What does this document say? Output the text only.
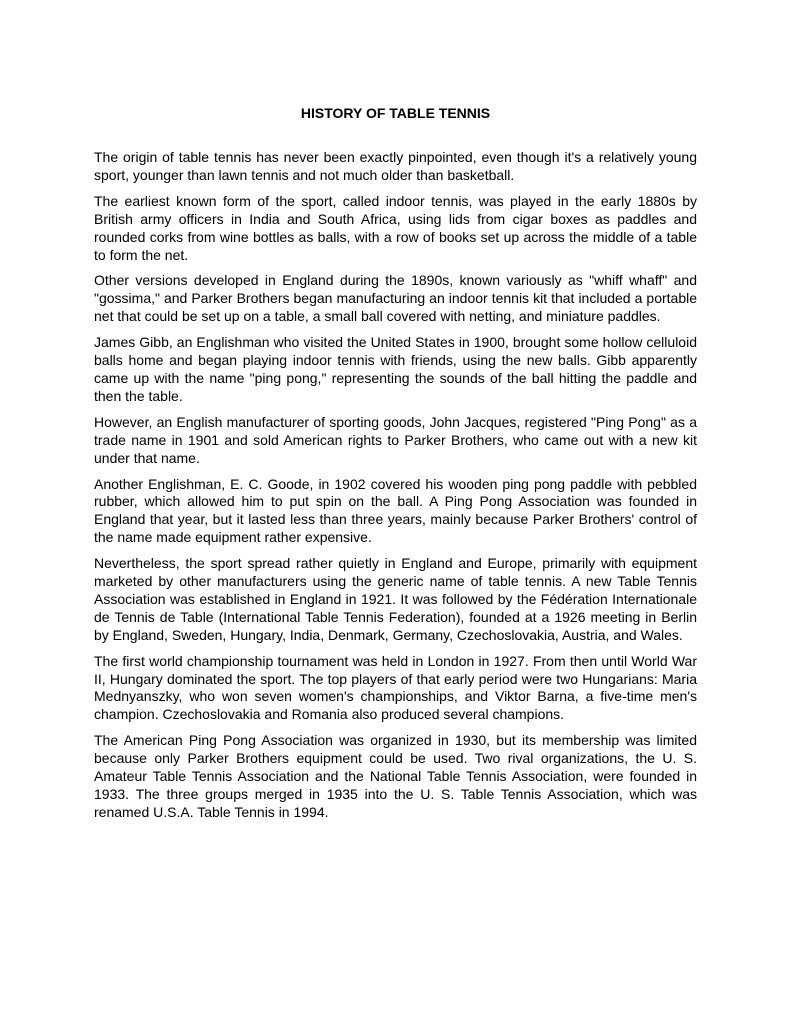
HISTORY OF TABLE TENNIS

The origin of table tennis has never been exactly pinpointed, even though it's a relatively young sport, younger than lawn tennis and not much older than basketball.

The earliest known form of the sport, called indoor tennis, was played in the early 1880s by British army officers in India and South Africa, using lids from cigar boxes as paddles and rounded corks from wine bottles as balls, with a row of books set up across the middle of a table to form the net.

Other versions developed in England during the 1890s, known variously as "whiff whaff" and "gossima," and Parker Brothers began manufacturing an indoor tennis kit that included a portable net that could be set up on a table, a small ball covered with netting, and miniature paddles.

James Gibb, an Englishman who visited the United States in 1900, brought some hollow celluloid balls home and began playing indoor tennis with friends, using the new balls. Gibb apparently came up with the name "ping pong," representing the sounds of the ball hitting the paddle and then the table.

However, an English manufacturer of sporting goods, John Jacques, registered "Ping Pong" as a trade name in 1901 and sold American rights to Parker Brothers, who came out with a new kit under that name.

Another Englishman, E. C. Goode, in 1902 covered his wooden ping pong paddle with pebbled rubber, which allowed him to put spin on the ball. A Ping Pong Association was founded in England that year, but it lasted less than three years, mainly because Parker Brothers' control of the name made equipment rather expensive.

Nevertheless, the sport spread rather quietly in England and Europe, primarily with equipment marketed by other manufacturers using the generic name of table tennis. A new Table Tennis Association was established in England in 1921. It was followed by the Fédération Internationale de Tennis de Table (International Table Tennis Federation), founded at a 1926 meeting in Berlin by England, Sweden, Hungary, India, Denmark, Germany, Czechoslovakia, Austria, and Wales.

The first world championship tournament was held in London in 1927. From then until World War II, Hungary dominated the sport. The top players of that early period were two Hungarians: Maria Mednyanszky, who won seven women's championships, and Viktor Barna, a five-time men's champion. Czechoslovakia and Romania also produced several champions.

The American Ping Pong Association was organized in 1930, but its membership was limited because only Parker Brothers equipment could be used. Two rival organizations, the U. S. Amateur Table Tennis Association and the National Table Tennis Association, were founded in 1933. The three groups merged in 1935 into the U. S. Table Tennis Association, which was renamed U.S.A. Table Tennis in 1994.
